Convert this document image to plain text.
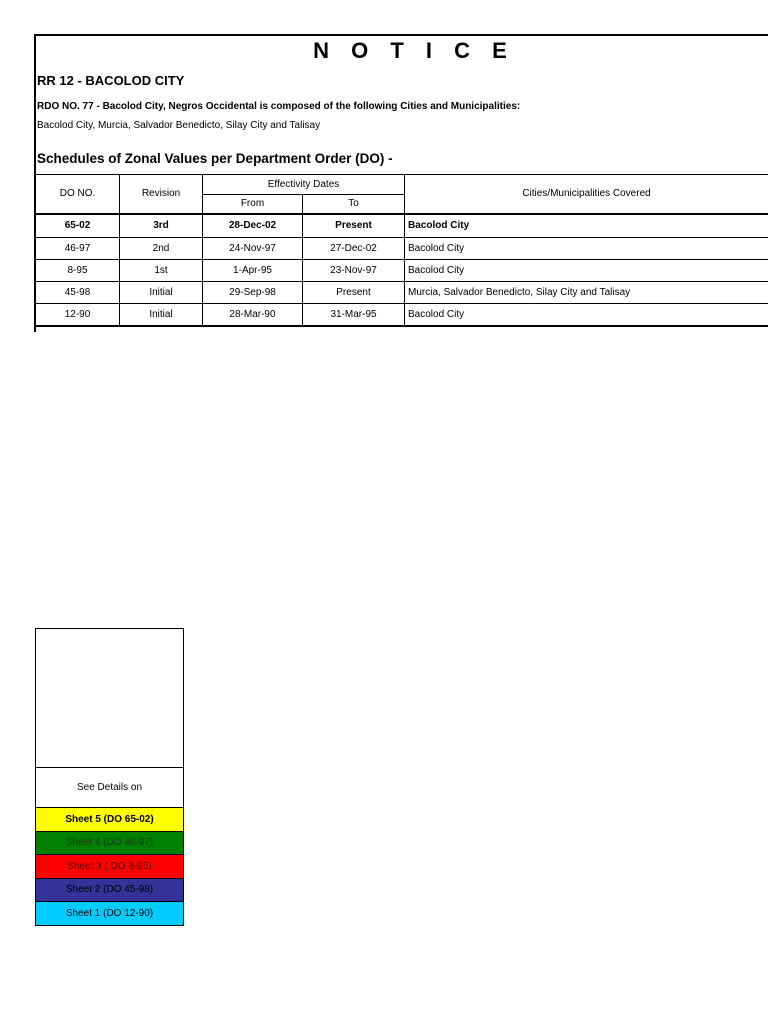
N O T I C E
RR 12 - BACOLOD CITY
RDO NO. 77 - Bacolod City, Negros Occidental is composed of the following Cities and Municipalities:
Bacolod City, Murcia, Salvador Benedicto, Silay City and Talisay
Schedules of Zonal Values per Department Order (DO) -
DO NO.	Revision	Effectivity Dates		Cities/Municipalities Covered
		From	To	
65-02	3rd	28-Dec-02	Present	Bacolod City
46-97	2nd	24-Nov-97	27-Dec-02	Bacolod City
8-95	1st	1-Apr-95	23-Nov-97	Bacolod City
45-98	Initial	29-Sep-98	Present	Murcia, Salvador Benedicto, Silay City and Talisay
12-90	Initial	28-Mar-90	31-Mar-95	Bacolod City
See Details on
Sheet 5 (DO 65-02)
Sheet 4 (DO 46-97)
Sheet 3 ( DO 8-95)
Sheet 2 (DO 45-98)
Sheet 1 (DO 12-90)
